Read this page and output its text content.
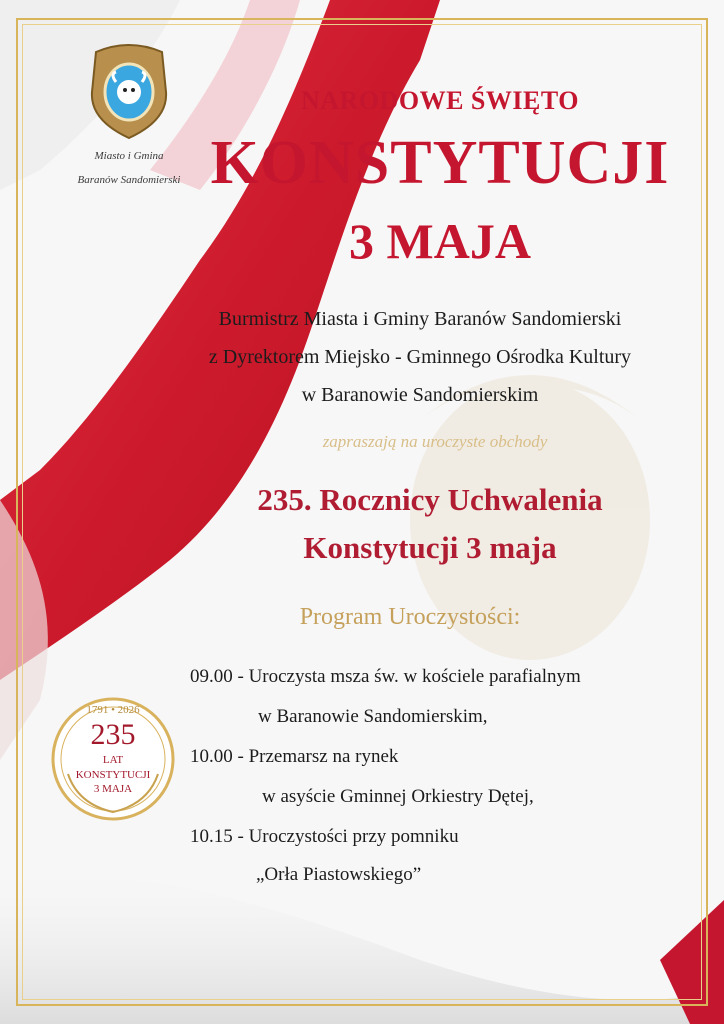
Miasto i Gmina
Baranów Sandomierski
NARODOWE ŚWIĘTO
KONSTYTUCJI
3 MAJA
Burmistrz Miasta i Gminy Baranów Sandomierski
z Dyrektorem Miejsko - Gminnego Ośrodka Kultury
w Baranowie Sandomierskim
zapraszają na uroczyste obchody
235. Rocznicy Uchwalenia
Konstytucji 3 maja
Program Uroczystości:
09.00 - Uroczysta msza św. w kościele parafialnym
w Baranowie Sandomierskim,
10.00 - Przemarsz na rynek
w asyście Gminnej Orkiestry Dętej,
10.15 - Uroczystości przy pomniku
„Orła Piastowskiego”
1791 • 2026
235
LAT
KONSTYTUCJI
3 MAJA
